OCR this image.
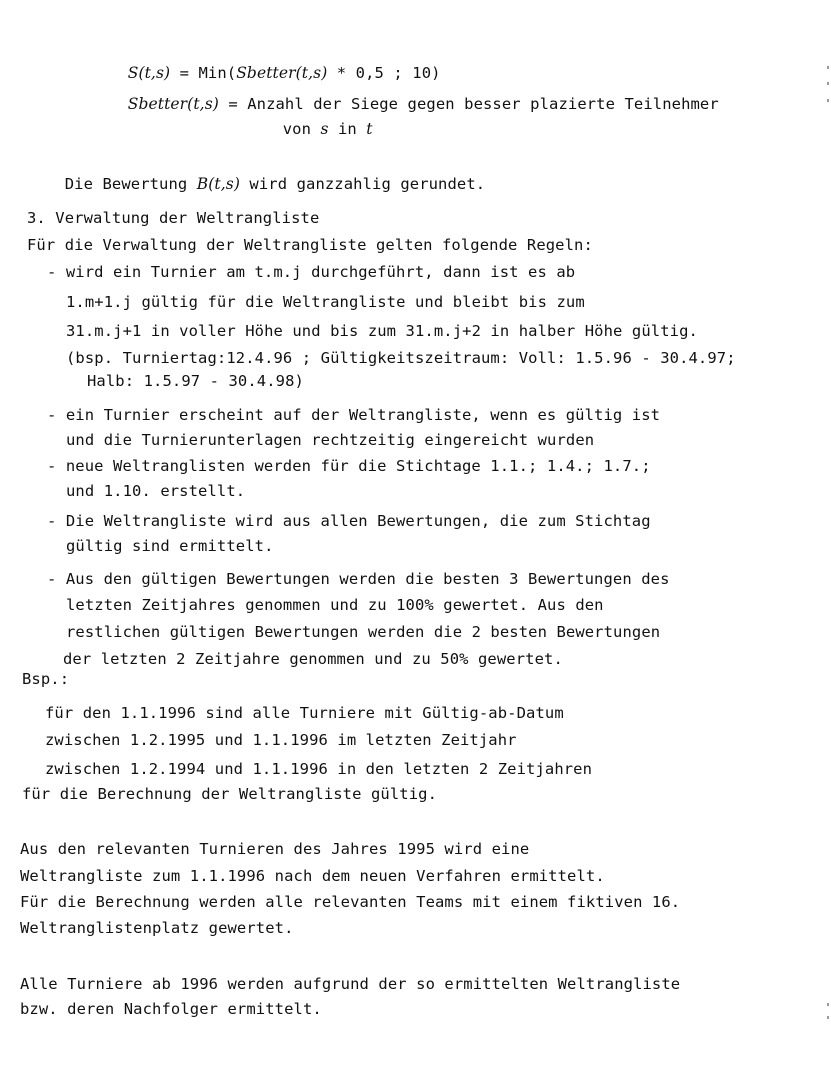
S(t,s) = Min(Sbetter(t,s) * 0,5 ; 10)

Sbetter(t,s) = Anzahl der Siege gegen besser plazierte Teilnehmer

von s in t

Die Bewertung B(t,s) wird ganzzahlig gerundet.

3. Verwaltung der Weltrangliste
Für die Verwaltung der Weltrangliste gelten folgende Regeln:
- wird ein Turnier am t.m.j durchgeführt, dann ist es ab
1.m+1.j gültig für die Weltrangliste und bleibt bis zum
31.m.j+1 in voller Höhe und bis zum 31.m.j+2 in halber Höhe gültig.
(bsp. Turniertag:12.4.96 ; Gültigkeitszeitraum: Voll: 1.5.96 - 30.4.97;
Halb: 1.5.97 - 30.4.98)
- ein Turnier erscheint auf der Weltrangliste, wenn es gültig ist
und die Turnierunterlagen rechtzeitig eingereicht wurden
- neue Weltranglisten werden für die Stichtage 1.1.; 1.4.; 1.7.;
und 1.10. erstellt.
- Die Weltrangliste wird aus allen Bewertungen, die zum Stichtag
gültig sind ermittelt.
- Aus den gültigen Bewertungen werden die besten 3 Bewertungen des
letzten Zeitjahres genommen und zu 100% gewertet. Aus den
restlichen gültigen Bewertungen werden die 2 besten Bewertungen
der letzten 2 Zeitjahre genommen und zu 50% gewertet.
Bsp.:
für den 1.1.1996 sind alle Turniere mit Gültig-ab-Datum
zwischen 1.2.1995 und 1.1.1996 im letzten Zeitjahr
zwischen 1.2.1994 und 1.1.1996 in den letzten 2 Zeitjahren
für die Berechnung der Weltrangliste gültig.
Aus den relevanten Turnieren des Jahres 1995 wird eine
Weltrangliste zum 1.1.1996 nach dem neuen Verfahren ermittelt.
Für die Berechnung werden alle relevanten Teams mit einem fiktiven 16.
Weltranglistenplatz gewertet.
Alle Turniere ab 1996 werden aufgrund der so ermittelten Weltrangliste
bzw. deren Nachfolger ermittelt.
